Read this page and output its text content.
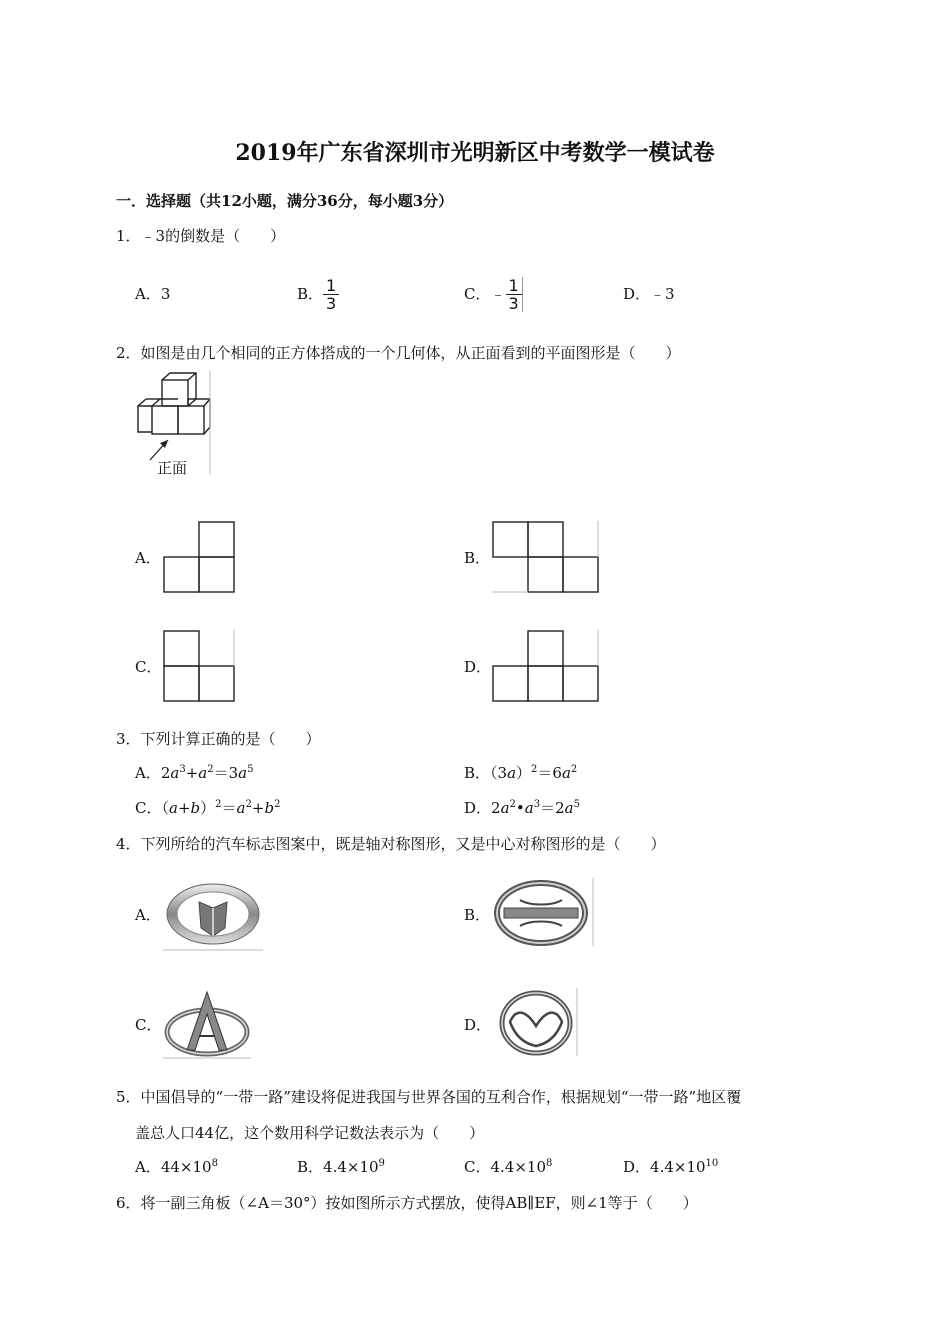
2019年广东省深圳市光明新区中考数学一模试卷
一．选择题（共12小题，满分36分，每小题3分）
1．﹣3的倒数是（　　）
A．3	B． $\frac{1}{3}$	C． ﹣ $\frac{1}{3}$	D．﹣3
2．如图是由几个相同的正方体搭成的一个几何体，从正面看到的平面图形是（　　）
正面
A．	B．
C．	D．
3．下列计算正确的是（　　）
A．$2a^3+a^2=3a^5$	B．$(3a)^2=6a^2$
C．$(a+b)^2=a^2+b^2$	D．$2a^2•a^3=2a^5$
4．下列所给的汽车标志图案中，既是轴对称图形，又是中心对称图形的是（　　）
A．	B．
C．	D．
5．中国倡导的“一带一路”建设将促进我国与世界各国的互利合作，根据规划“一带一路”地区覆
盖总人口44亿，这个数用科学记数法表示为（　　）
A．$44\times 10^8$	B．$4.4\times 10^9$	C．$4.4\times 10^8$	D．$4.4\times 10^{10}$
6．将一副三角板（∠A＝30°）按如图所示方式摆放，使得AB∥EF，则∠1等于（　　）
